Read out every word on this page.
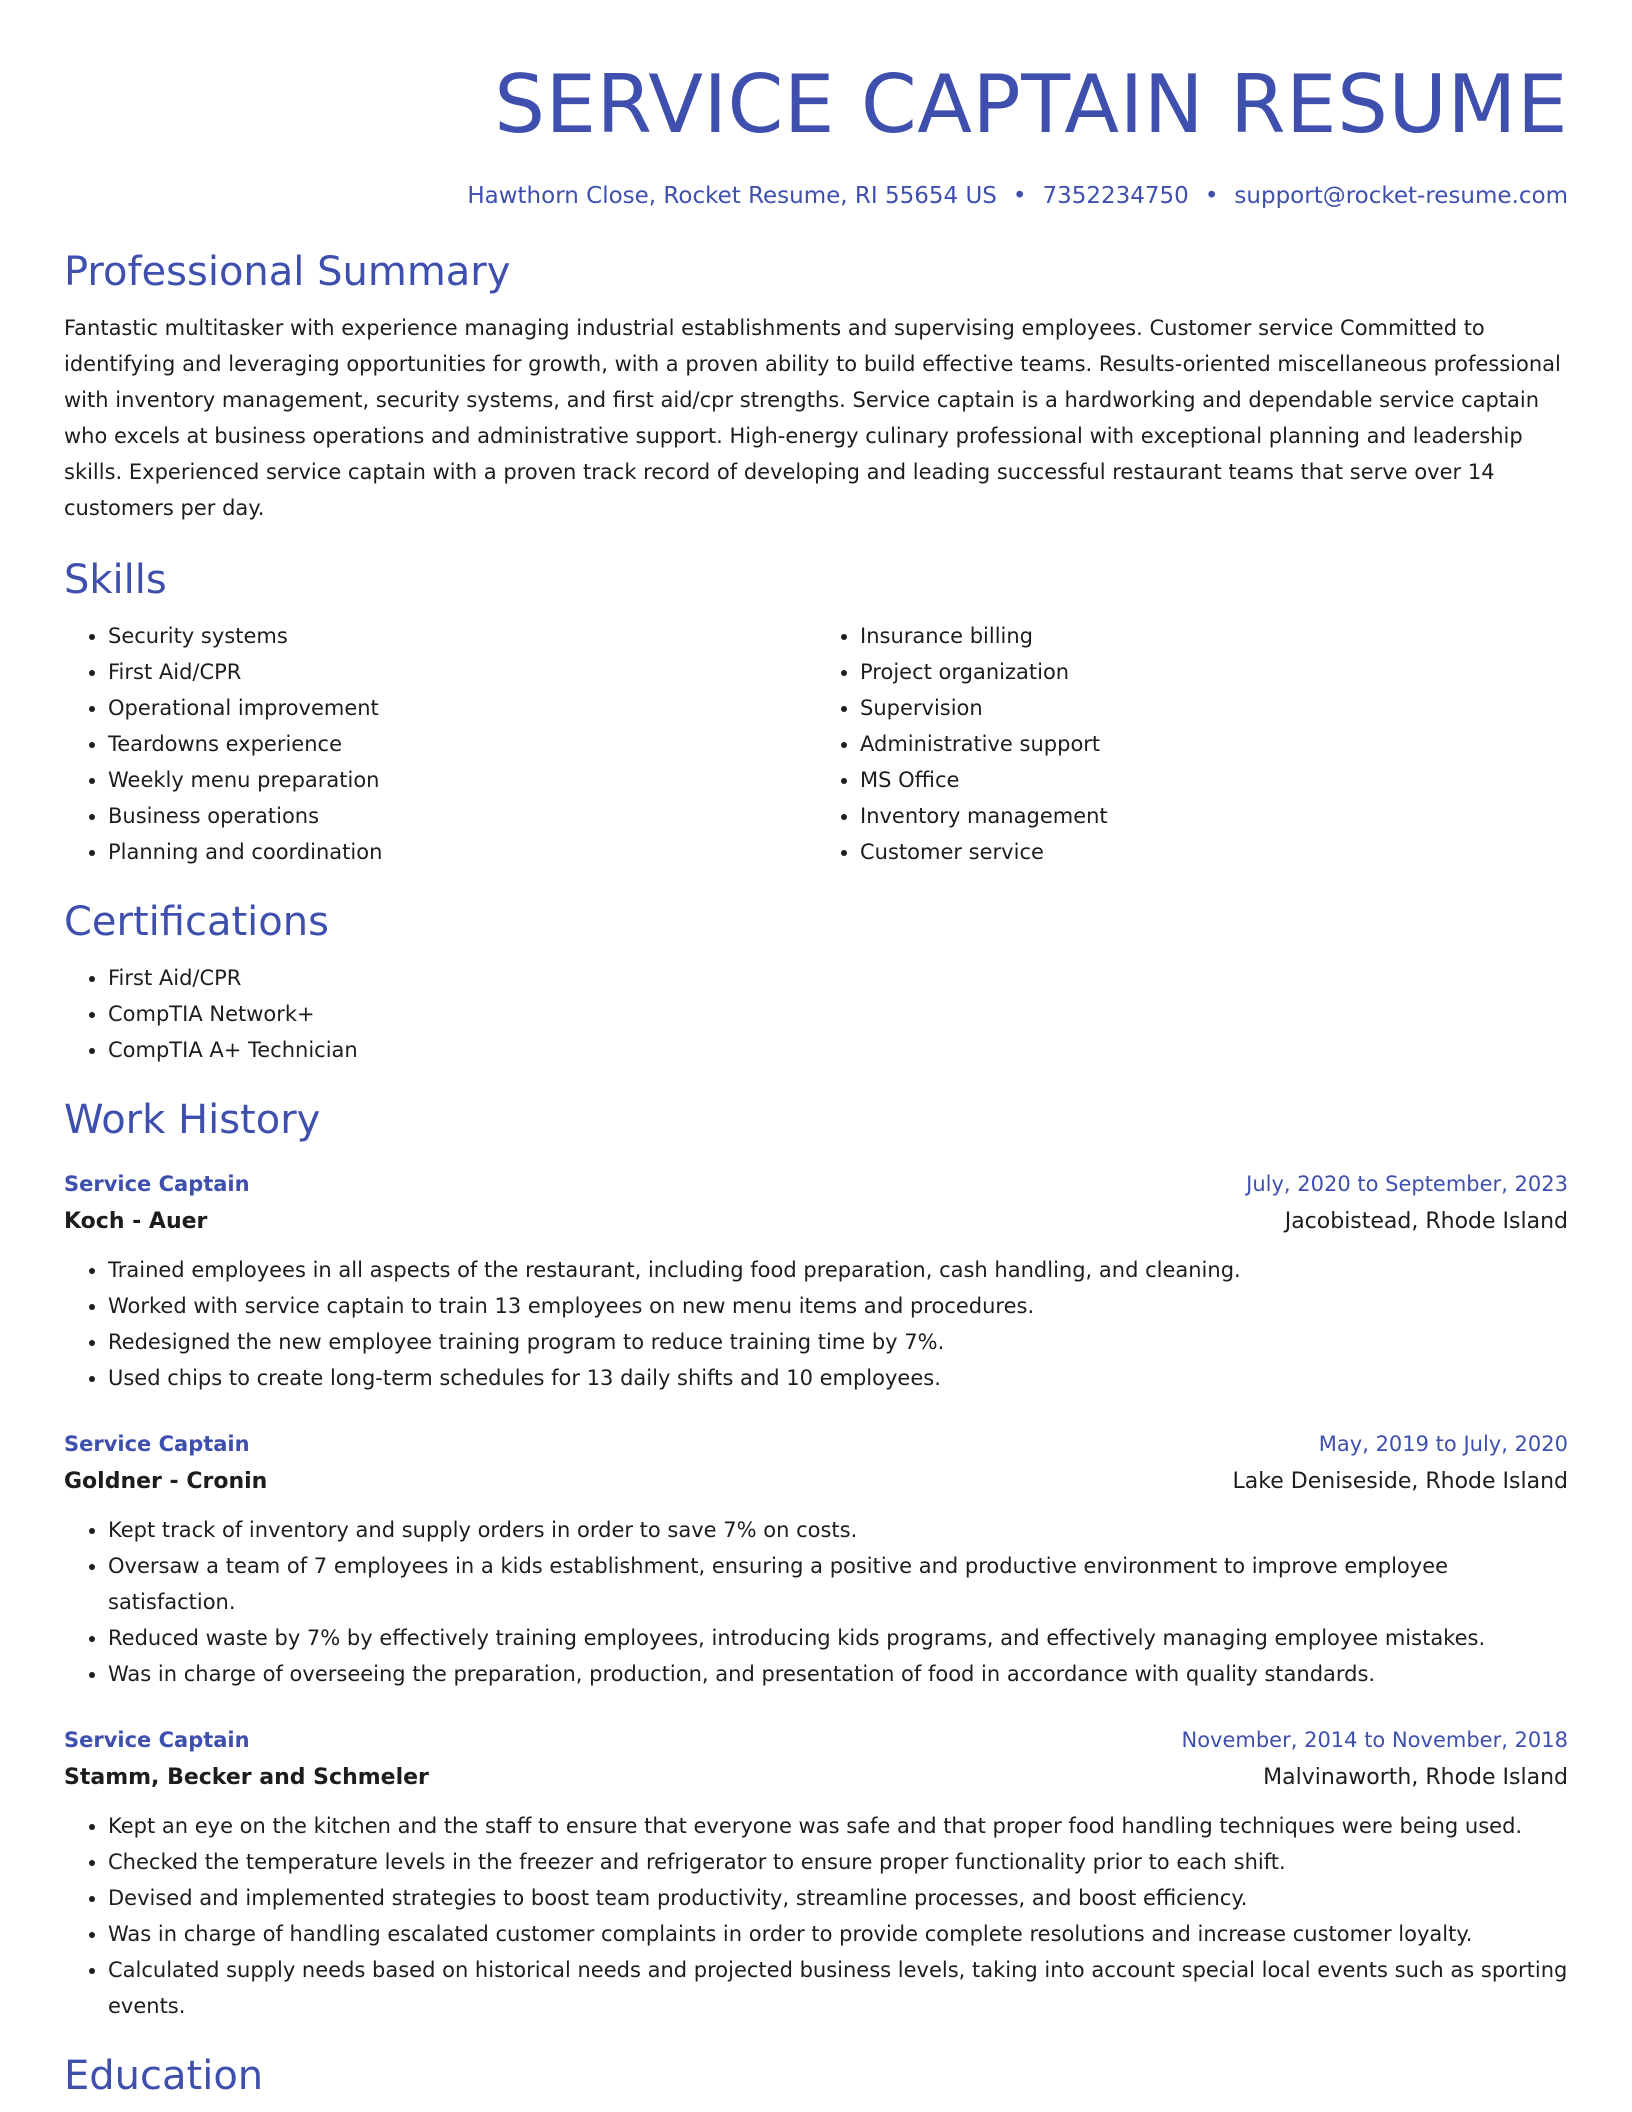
SERVICE CAPTAIN RESUME
Hawthorn Close, Rocket Resume, RI 55654 US • 7352234750 • support@rocket-resume.com
Professional Summary

Fantastic multitasker with experience managing industrial establishments and supervising employees. Customer service Committed to identifying and leveraging opportunities for growth, with a proven ability to build effective teams. Results-oriented miscellaneous professional with inventory management, security systems, and first aid/cpr strengths. Service captain is a hardworking and dependable service captain who excels at business operations and administrative support. High-energy culinary professional with exceptional planning and leadership skills. Experienced service captain with a proven track record of developing and leading successful restaurant teams that serve over 14 customers per day.

Skills
• Security systems
• First Aid/CPR
• Operational improvement
• Teardowns experience
• Weekly menu preparation
• Business operations
• Planning and coordination
• Insurance billing
• Project organization
• Supervision
• Administrative support
• MS Office
• Inventory management
• Customer service
Certifications
• First Aid/CPR
• CompTIA Network+
• CompTIA A+ Technician
Work History
Service Captain	July, 2020 to September, 2023
Koch - Auer	Jacobistead, Rhode Island
• Trained employees in all aspects of the restaurant, including food preparation, cash handling, and cleaning.
• Worked with service captain to train 13 employees on new menu items and procedures.
• Redesigned the new employee training program to reduce training time by 7%.
• Used chips to create long-term schedules for 13 daily shifts and 10 employees.
Service Captain	May, 2019 to July, 2020
Goldner - Cronin	Lake Deniseside, Rhode Island
• Kept track of inventory and supply orders in order to save 7% on costs.
• Oversaw a team of 7 employees in a kids establishment, ensuring a positive and productive environment to improve employee satisfaction.
• Reduced waste by 7% by effectively training employees, introducing kids programs, and effectively managing employee mistakes.
• Was in charge of overseeing the preparation, production, and presentation of food in accordance with quality standards.
Service Captain	November, 2014 to November, 2018
Stamm, Becker and Schmeler	Malvinaworth, Rhode Island
• Kept an eye on the kitchen and the staff to ensure that everyone was safe and that proper food handling techniques were being used.
• Checked the temperature levels in the freezer and refrigerator to ensure proper functionality prior to each shift.
• Devised and implemented strategies to boost team productivity, streamline processes, and boost efficiency.
• Was in charge of handling escalated customer complaints in order to provide complete resolutions and increase customer loyalty.
• Calculated supply needs based on historical needs and projected business levels, taking into account special local events such as sporting events.
Education
